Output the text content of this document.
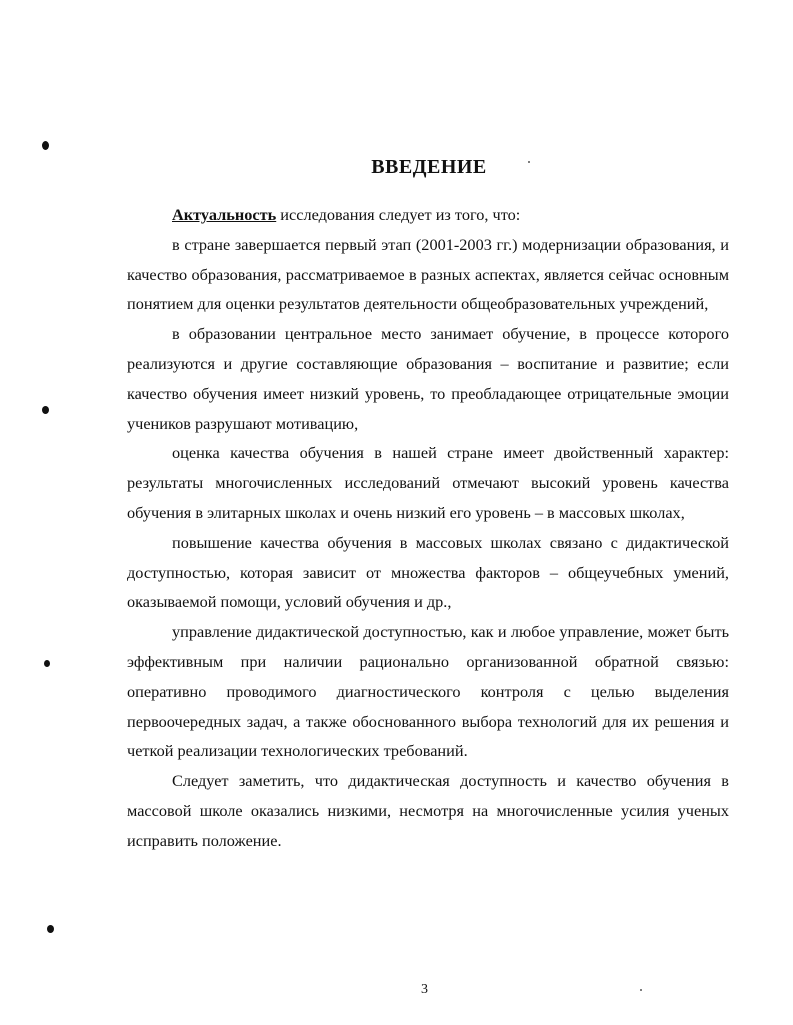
ВВЕДЕНИЕ

Актуальность исследования следует из того, что:

в стране завершается первый этап (2001-2003 гг.) модернизации образования, и качество образования, рассматриваемое в разных аспектах, является сейчас основным понятием для оценки результатов деятельности общеобразовательных учреждений,

в образовании центральное место занимает обучение, в процессе которого реализуются и другие составляющие образования – воспитание и развитие; если качество обучения имеет низкий уровень, то преобладающее отрицательные эмоции учеников разрушают мотивацию,

оценка качества обучения в нашей стране имеет двойственный характер: результаты многочисленных исследований отмечают высокий уровень качества обучения в элитарных школах и очень низкий его уровень – в массовых школах,

повышение качества обучения в массовых школах связано с дидактической доступностью, которая зависит от множества факторов – общеучебных умений, оказываемой помощи, условий обучения и др.,

управление дидактической доступностью, как и любое управление, может быть эффективным при наличии рационально организованной обратной связью: оперативно проводимого диагностического контроля с целью выделения первоочередных задач, а также обоснованного выбора технологий для их решения и четкой реализации технологических требований.

Следует заметить, что дидактическая доступность и качество обучения в массовой школе оказались низкими, несмотря на многочисленные усилия ученых исправить положение.

3
